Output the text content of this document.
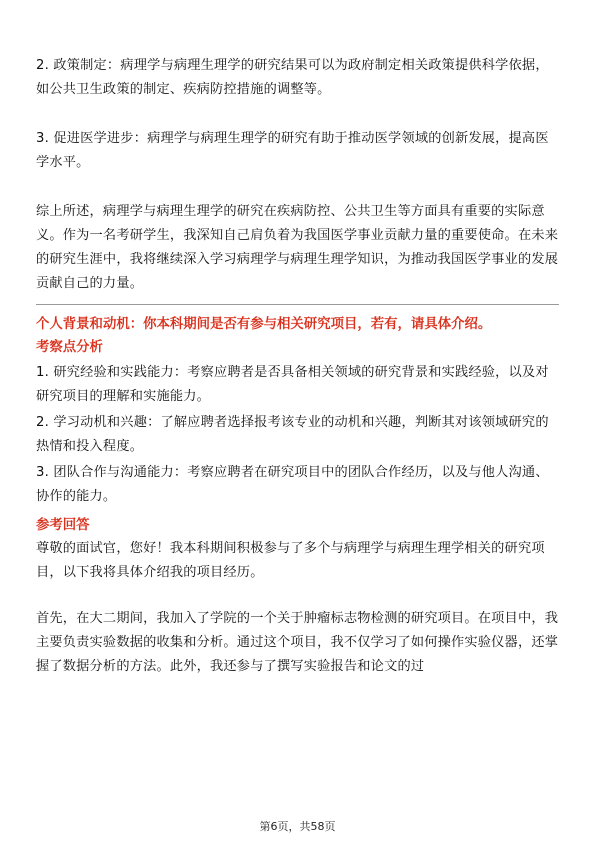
2. 政策制定：病理学与病理生理学的研究结果可以为政府制定相关政策提供科学依据，如公共卫生政策的制定、疾病防控措施的调整等。

3. 促进医学进步：病理学与病理生理学的研究有助于推动医学领域的创新发展，提高医学水平。

综上所述，病理学与病理生理学的研究在疾病防控、公共卫生等方面具有重要的实际意义。作为一名考研学生，我深知自己肩负着为我国医学事业贡献力量的重要使命。在未来的研究生涯中，我将继续深入学习病理学与病理生理学知识，为推动我国医学事业的发展贡献自己的力量。

个人背景和动机：你本科期间是否有参与相关研究项目，若有，请具体介绍。
考察点分析

1. 研究经验和实践能力：考察应聘者是否具备相关领域的研究背景和实践经验，以及对研究项目的理解和实施能力。

2. 学习动机和兴趣：了解应聘者选择报考该专业的动机和兴趣，判断其对该领域研究的热情和投入程度。

3. 团队合作与沟通能力：考察应聘者在研究项目中的团队合作经历，以及与他人沟通、协作的能力。

参考回答

尊敬的面试官，您好！我本科期间积极参与了多个与病理学与病理生理学相关的研究项目，以下我将具体介绍我的项目经历。

首先，在大二期间，我加入了学院的一个关于肿瘤标志物检测的研究项目。在项目中，我主要负责实验数据的收集和分析。通过这个项目，我不仅学习了如何操作实验仪器，还掌握了数据分析的方法。此外，我还参与了撰写实验报告和论文的过

第6页，共58页
